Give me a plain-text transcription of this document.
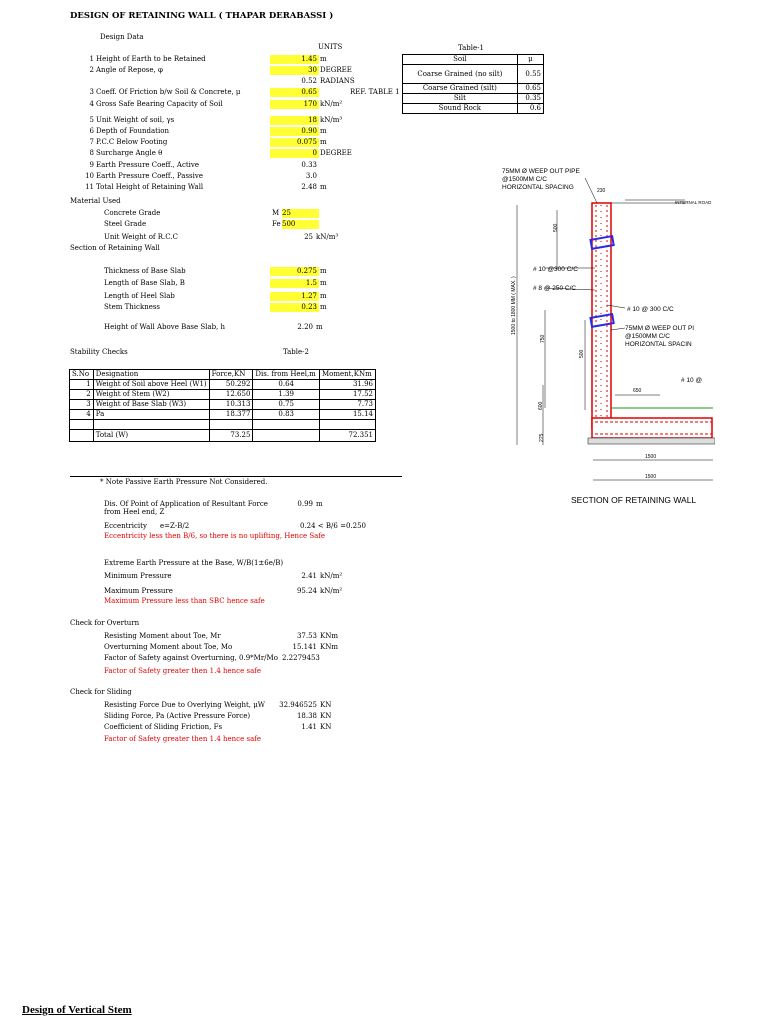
DESIGN OF RETAINING WALL ( THAPAR DERABASSI )
Design Data
UNITS
1 Height of Earth to be Retained	1.45 m
2 Angle of Repose, φ	30 DEGREE
0.52 RADIANS
3 Coeff. Of Friction b/w Soil & Concrete, μ	0.65	REF. TABLE 1
4 Gross Safe Bearing Capacity of Soil	170 kN/m²
5 Unit Weight of soil, γs	18 kN/m³
6 Depth of Foundation	0.90 m
7 P.C.C Below Footing	0.075 m
8 Surcharge Angle θ	0 DEGREE
9 Earth Pressure Coeff., Active	0.33
10 Earth Pressure Coeff., Passive	3.0
11 Total Height of Retaining Wall	2.48 m
Table-1
Soil	μ
Coarse Grained (no silt)	0.55
Coarse Grained (silt)	0.65
Silt	0.35
Sound Rock	0.6
Material Used
Concrete Grade	M 25
Steel Grade	Fe 500
Unit Weight of R.C.C	25 kN/m³
Section of Retaining Wall
Thickness of Base Slab	0.275 m
Length of Base Slab, B	1.5 m
Length of Heel Slab	1.27 m
Stem Thickness	0.23 m
Height of Wall Above Base Slab, h	2.20 m
Stability Checks	Table-2
S.No	Designation	Force,KN	Dis. from Heel,m	Moment,KNm
1	Weight of Soil above Heel (W1)	50.292	0.64	31.96
2	Weight of Stem (W2)	12.650	1.39	17.52
3	Weight of Base Slab (W3)	10.313	0.75	7.73
4	Pa	18.377	0.83	15.14

	Total (W)	73.25		72.351
* Note Passive Earth Pressure Not Considered.
Dis. Of Point of Application of Resultant Force
from Heel end, Z
0.99 m
Eccentricity e=Z-B/2	0.24 < B/6 =0.250
Eccentricity less then B/6, so there is no uplifting, Hence Safe
Extreme Earth Pressure at the Base, W/B(1±6e/B)
Minimum Pressure	2.41 kN/m²
Maximum Pressure	95.24 kN/m²
Maximum Pressure less than SBC hence safe
Check for Overturn
Resisting Moment about Toe, Mr	37.53 KNm
Overturning Moment about Toe, Mo	15.141 KNm
Factor of Safety against Overturning, 0.9*Mr/Mo 2.2279453
Factor of Safety greater then 1.4 hence safe
Check for Sliding
Resisting Force Due to Overlying Weight, μW	32.946525 KN
Sliding Force, Pa (Active Pressure Force)	18.38 KN
Coefficient of Sliding Friction, Fs	1.41 KN
Factor of Safety greater then 1.4 hence safe
75MM Ø WEEP OUT PIPE
@1500MM C/C
HORIZONTAL SPACING
75MM Ø WEEP OUT PI
@1500MM C/C
HORIZONTAL SPACIN
# 10 @300 C/C
# 8 @ 250 C/C
# 10 @ 300 C/C
# 10 @
230
INTERNAL ROAD
500
500
1500 to 1800 MM ( MAX. )
750
600
275
650
1500
1500
SECTION OF RETAINING WALL
Design of Vertical Stem
